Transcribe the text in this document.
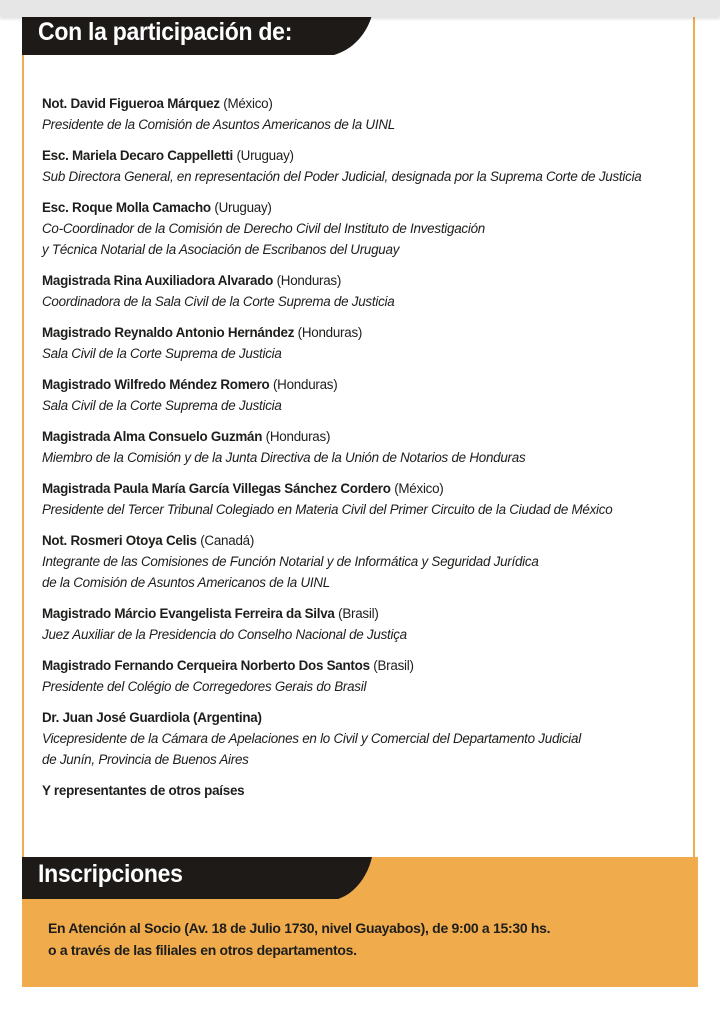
Con la participación de:
Not. David Figueroa Márquez (México)
Presidente de la Comisión de Asuntos Americanos de la UINL
Esc. Mariela Decaro Cappelletti (Uruguay)
Sub Directora General, en representación del Poder Judicial, designada por la Suprema Corte de Justicia
Esc. Roque Molla Camacho (Uruguay)
Co-Coordinador de la Comisión de Derecho Civil del Instituto de Investigación
y Técnica Notarial de la Asociación de Escribanos del Uruguay
Magistrada Rina Auxiliadora Alvarado (Honduras)
Coordinadora de la Sala Civil de la Corte Suprema de Justicia
Magistrado Reynaldo Antonio Hernández (Honduras)
Sala Civil de la Corte Suprema de Justicia
Magistrado Wilfredo Méndez Romero (Honduras)
Sala Civil de la Corte Suprema de Justicia
Magistrada Alma Consuelo Guzmán (Honduras)
Miembro de la Comisión y de la Junta Directiva de la Unión de Notarios de Honduras
Magistrada Paula María García Villegas Sánchez Cordero (México)
Presidente del Tercer Tribunal Colegiado en Materia Civil del Primer Circuito de la Ciudad de México
Not. Rosmeri Otoya Celis (Canadá)
Integrante de las Comisiones de Función Notarial y de Informática y Seguridad Jurídica
de la Comisión de Asuntos Americanos de la UINL
Magistrado Márcio Evangelista Ferreira da Silva (Brasil)
Juez Auxiliar de la Presidencia do Conselho Nacional de Justiça
Magistrado Fernando Cerqueira Norberto Dos Santos (Brasil)
Presidente del Colégio de Corregedores Gerais do Brasil
Dr. Juan José Guardiola (Argentina)
Vicepresidente de la Cámara de Apelaciones en lo Civil y Comercial del Departamento Judicial
de Junín, Provincia de Buenos Aires
Y representantes de otros países
Inscripciones
En Atención al Socio (Av. 18 de Julio 1730, nivel Guayabos), de 9:00 a 15:30 hs.
o a través de las filiales en otros departamentos.
